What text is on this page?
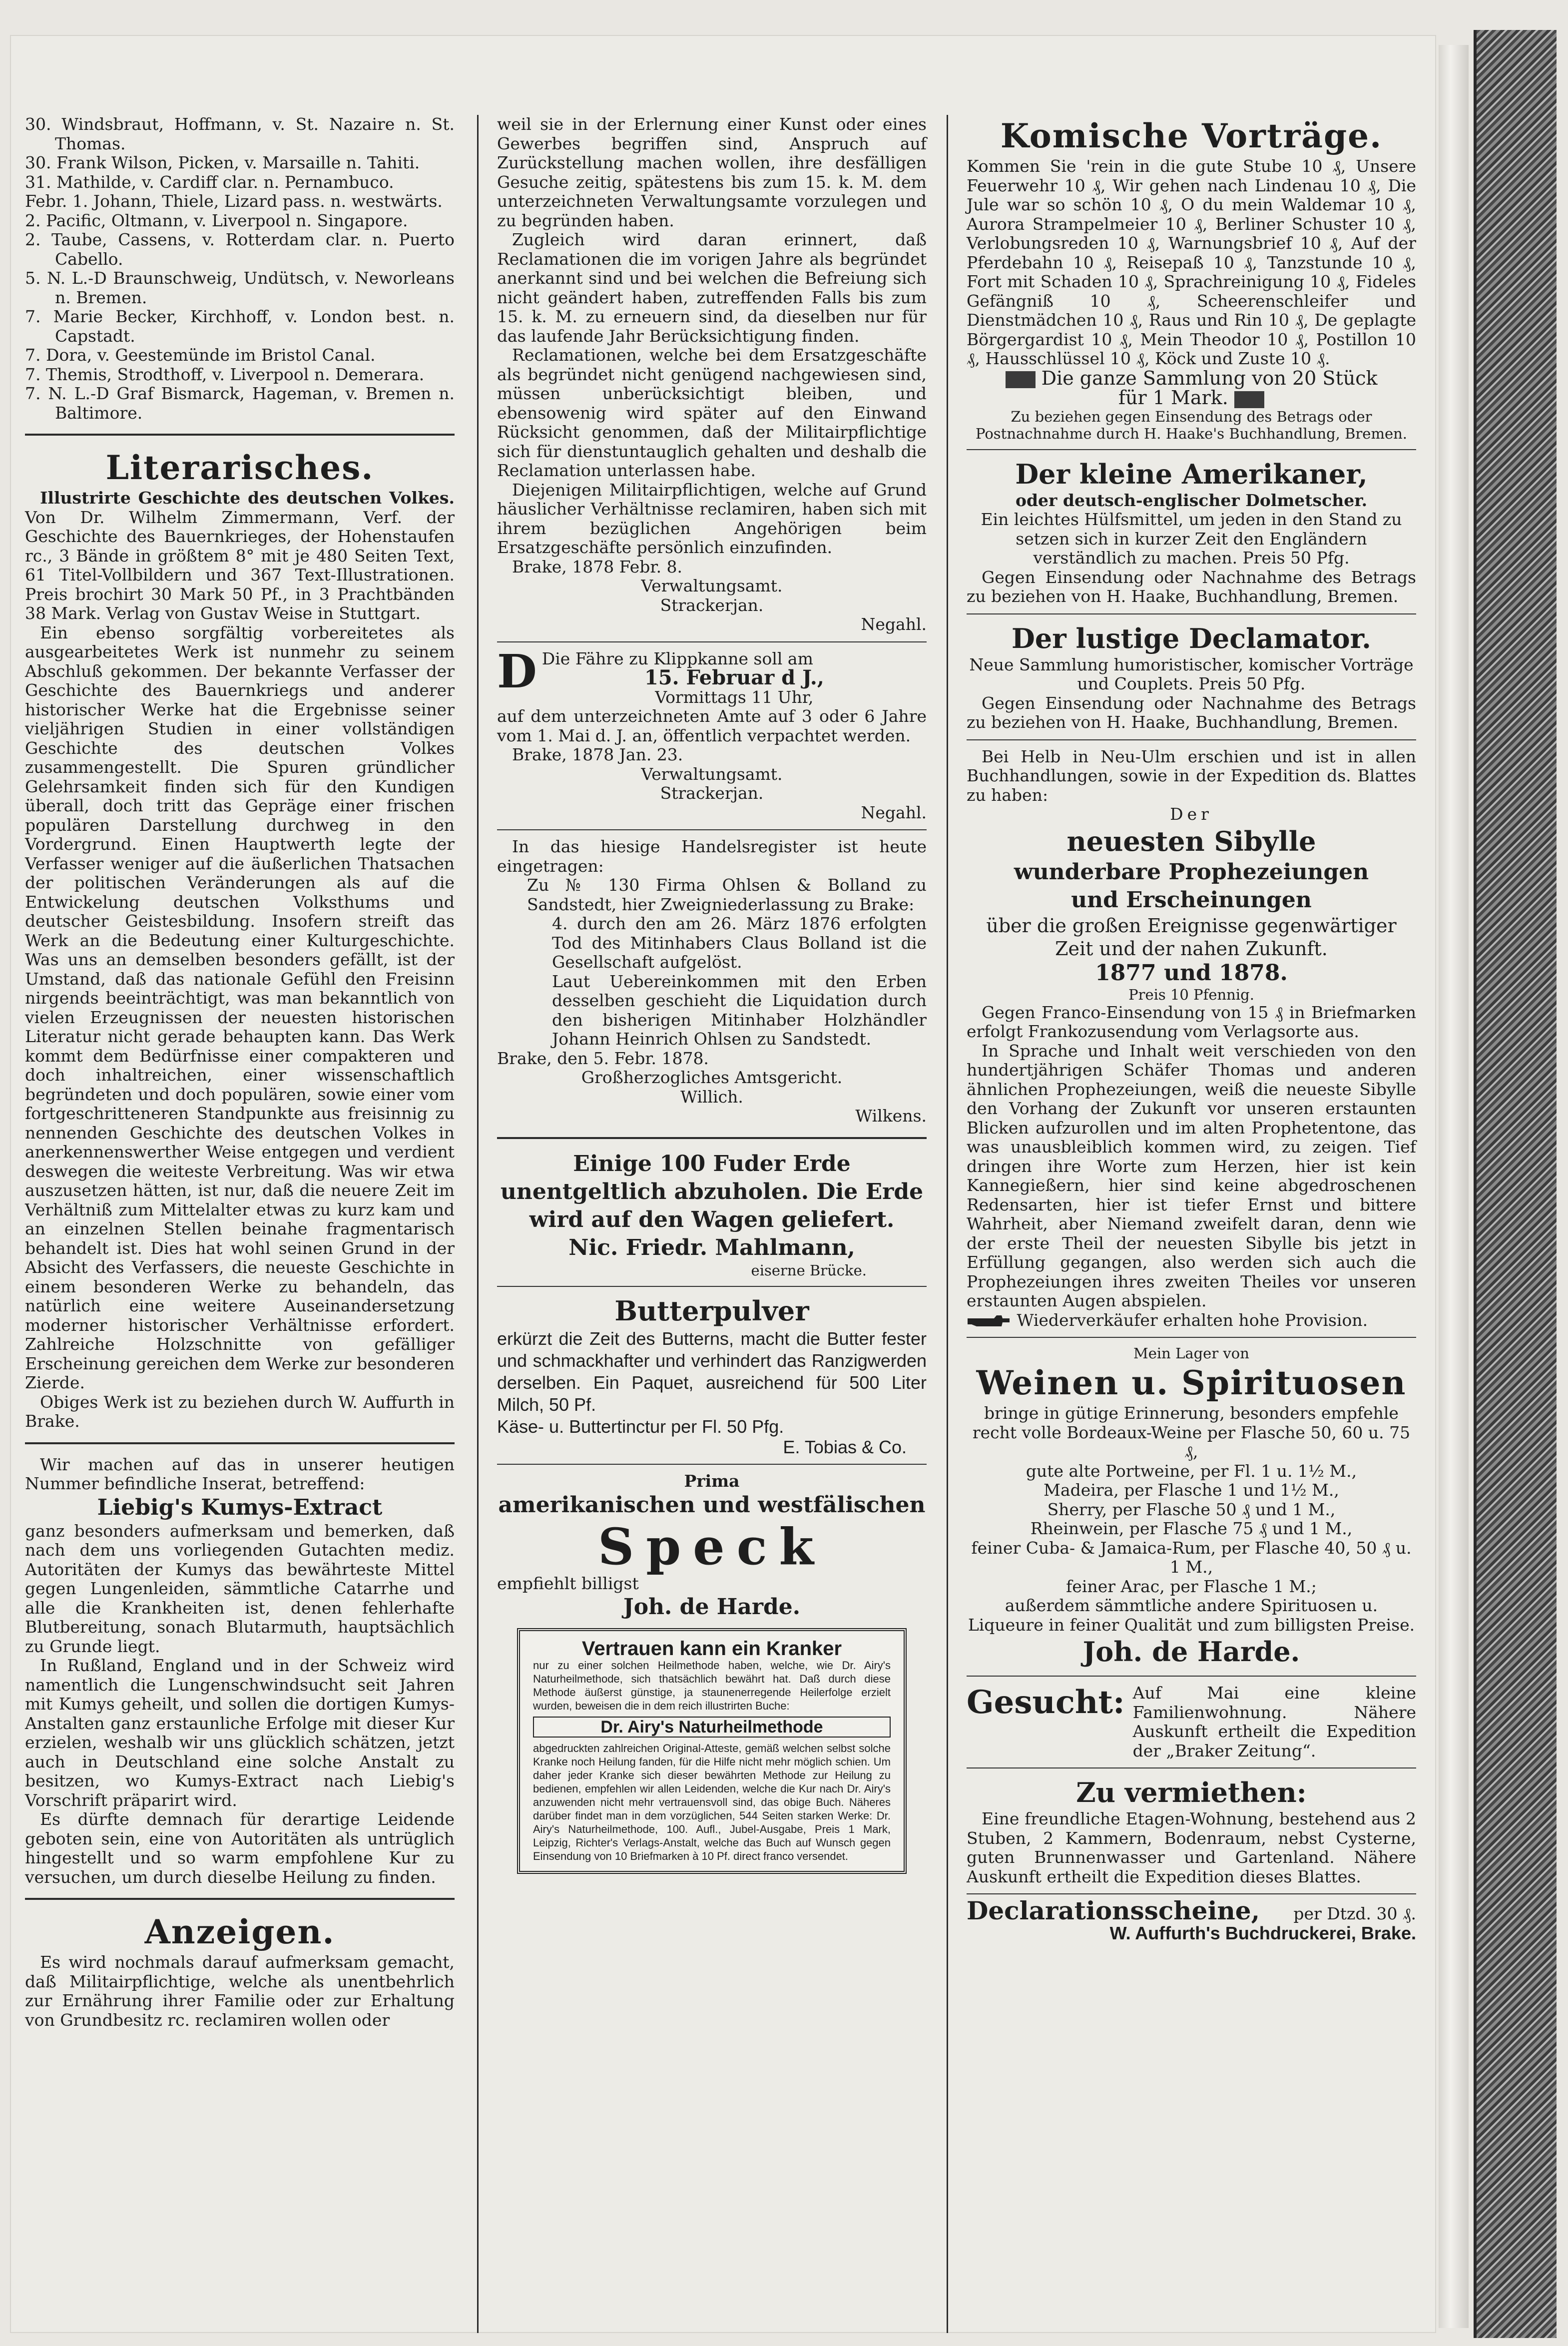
30. Windsbraut, Hoffmann, v. St. Nazaire n. St. Thomas.

30. Frank Wilson, Picken, v. Marsaille n. Tahiti.

31. Mathilde, v. Cardiff clar. n. Pernambuco.

Febr. 1. Johann, Thiele, Lizard pass. n. westwärts.

2. Pacific, Oltmann, v. Liverpool n. Singapore.

2. Taube, Cassens, v. Rotterdam clar. n. Puerto Cabello.

5. N. L.-D Braunschweig, Undütsch, v. Neworleans n. Bremen.

7. Marie Becker, Kirchhoff, v. London best. n. Capstadt.

7. Dora, v. Geestemünde im Bristol Canal.

7. Themis, Strodthoff, v. Liverpool n. Demerara.

7. N. L.-D Graf Bismarck, Hageman, v. Bremen n. Baltimore.

Literarisches.

Illustrirte Geschichte des deutschen Volkes. Von Dr. Wilhelm Zimmermann, Verf. der Geschichte des Bauernkrieges, der Hohenstaufen rc., 3 Bände in größtem 8° mit je 480 Seiten Text, 61 Titel-Vollbildern und 367 Text-Illustrationen. Preis brochirt 30 Mark 50 Pf., in 3 Prachtbänden 38 Mark. Verlag von Gustav Weise in Stuttgart.

Ein ebenso sorgfältig vorbereitetes als ausgearbeitetes Werk ist nunmehr zu seinem Abschluß gekommen. Der bekannte Verfasser der Geschichte des Bauernkriegs und anderer historischer Werke hat die Ergebnisse seiner vieljährigen Studien in einer vollständigen Geschichte des deutschen Volkes zusammengestellt. Die Spuren gründlicher Gelehrsamkeit finden sich für den Kundigen überall, doch tritt das Gepräge einer frischen populären Darstellung durchweg in den Vordergrund. Einen Hauptwerth legte der Verfasser weniger auf die äußerlichen Thatsachen der politischen Veränderungen als auf die Entwickelung deutschen Volksthums und deutscher Geistesbildung. Insofern streift das Werk an die Bedeutung einer Kulturgeschichte. Was uns an demselben besonders gefällt, ist der Umstand, daß das nationale Gefühl den Freisinn nirgends beeinträchtigt, was man bekanntlich von vielen Erzeugnissen der neuesten historischen Literatur nicht gerade behaupten kann. Das Werk kommt dem Bedürfnisse einer compakteren und doch inhaltreichen, einer wissenschaftlich begründeten und doch populären, sowie einer vom fortgeschritteneren Standpunkte aus freisinnig zu nennenden Geschichte des deutschen Volkes in anerkennenswerther Weise entgegen und verdient deswegen die weiteste Verbreitung. Was wir etwa auszusetzen hätten, ist nur, daß die neuere Zeit im Verhältniß zum Mittelalter etwas zu kurz kam und an einzelnen Stellen beinahe fragmentarisch behandelt ist. Dies hat wohl seinen Grund in der Absicht des Verfassers, die neueste Geschichte in einem besonderen Werke zu behandeln, das natürlich eine weitere Auseinandersetzung moderner historischer Verhältnisse erfordert. Zahlreiche Holzschnitte von gefälliger Erscheinung gereichen dem Werke zur besonderen Zierde.

Obiges Werk ist zu beziehen durch W. Auffurth in Brake.

Wir machen auf das in unserer heutigen Nummer befindliche Inserat, betreffend:

Liebig's Kumys-Extract

ganz besonders aufmerksam und bemerken, daß nach dem uns vorliegenden Gutachten mediz. Autoritäten der Kumys das bewährteste Mittel gegen Lungenleiden, sämmtliche Catarrhe und alle die Krankheiten ist, denen fehlerhafte Blutbereitung, sonach Blutarmuth, hauptsächlich zu Grunde liegt.

In Rußland, England und in der Schweiz wird namentlich die Lungenschwindsucht seit Jahren mit Kumys geheilt, und sollen die dortigen Kumys-Anstalten ganz erstaunliche Erfolge mit dieser Kur erzielen, weshalb wir uns glücklich schätzen, jetzt auch in Deutschland eine solche Anstalt zu besitzen, wo Kumys-Extract nach Liebig's Vorschrift präparirt wird.

Es dürfte demnach für derartige Leidende geboten sein, eine von Autoritäten als untrüglich hingestellt und so warm empfohlene Kur zu versuchen, um durch dieselbe Heilung zu finden.

Anzeigen.

Es wird nochmals darauf aufmerksam gemacht, daß Militairpflichtige, welche als unentbehrlich zur Ernährung ihrer Familie oder zur Erhaltung von Grundbesitz rc. reclamiren wollen oder

weil sie in der Erlernung einer Kunst oder eines Gewerbes begriffen sind, Anspruch auf Zurückstellung machen wollen, ihre desfälligen Gesuche zeitig, spätestens bis zum 15. k. M. dem unterzeichneten Verwaltungsamte vorzulegen und zu begründen haben.

Zugleich wird daran erinnert, daß Reclamationen die im vorigen Jahre als begründet anerkannt sind und bei welchen die Befreiung sich nicht geändert haben, zutreffenden Falls bis zum 15. k. M. zu erneuern sind, da dieselben nur für das laufende Jahr Berücksichtigung finden.

Reclamationen, welche bei dem Ersatzgeschäfte als begründet nicht genügend nachgewiesen sind, müssen unberücksichtigt bleiben, und ebensowenig wird später auf den Einwand Rücksicht genommen, daß der Militairpflichtige sich für dienstuntauglich gehalten und deshalb die Reclamation unterlassen habe.

Diejenigen Militairpflichtigen, welche auf Grund häuslicher Verhältnisse reclamiren, haben sich mit ihrem bezüglichen Angehörigen beim Ersatzgeschäfte persönlich einzufinden.

Brake, 1878 Febr. 8.

Verwaltungsamt.

Strackerjan.

Negahl.

D Die Fähre zu Klippkanne soll am

15. Februar d J.,

Vormittags 11 Uhr,

auf dem unterzeichneten Amte auf 3 oder 6 Jahre vom 1. Mai d. J. an, öffentlich verpachtet werden.

Brake, 1878 Jan. 23.

Verwaltungsamt.

Strackerjan.

Negahl.

In das hiesige Handelsregister ist heute eingetragen:

Zu № 130 Firma Ohlsen & Bolland zu Sandstedt, hier Zweigniederlassung zu Brake:

4. durch den am 26. März 1876 erfolgten Tod des Mitinhabers Claus Bolland ist die Gesellschaft aufgelöst.

Laut Uebereinkommen mit den Erben desselben geschieht die Liquidation durch den bisherigen Mitinhaber Holzhändler Johann Heinrich Ohlsen zu Sandstedt.

Brake, den 5. Febr. 1878.

Großherzogliches Amtsgericht.

Willich.

Wilkens.

Einige 100 Fuder Erde
unentgeltlich abzuholen. Die Erde
wird auf den Wagen geliefert.
Nic. Friedr. Mahlmann,

eiserne Brücke.

Butterpulver

erkürzt die Zeit des Butterns, macht die Butter fester und schmackhafter und verhindert das Ranzigwerden derselben. Ein Paquet, ausreichend für 500 Liter Milch, 50 Pf.

Käse- u. Buttertinctur per Fl. 50 Pfg.

E. Tobias & Co.

Prima

amerikanischen und westfälischen
Speck

empfiehlt billigst

Joh. de Harde.
Vertrauen kann ein Kranker
nur zu einer solchen Heilmethode haben, welche, wie Dr. Airy's Naturheilmethode, sich thatsächlich bewährt hat. Daß durch diese Methode äußerst günstige, ja staunenerregende Heilerfolge erzielt wurden, beweisen die in dem reich illustrirten Buche:
Dr. Airy's Naturheilmethode
abgedruckten zahlreichen Original-Atteste, gemäß welchen selbst solche Kranke noch Heilung fanden, für die Hilfe nicht mehr möglich schien. Um daher jeder Kranke sich dieser bewährten Methode zur Heilung zu bedienen, empfehlen wir allen Leidenden, welche die Kur nach Dr. Airy's anzuwenden nicht mehr vertrauensvoll sind, das obige Buch. Näheres darüber findet man in dem vorzüglichen, 544 Seiten starken Werke: Dr. Airy's Naturheilmethode, 100. Aufl., Jubel-Ausgabe, Preis 1 Mark, Leipzig, Richter's Verlags-Anstalt, welche das Buch auf Wunsch gegen Einsendung von 10 Briefmarken à 10 Pf. direct franco versendet.
Komische Vorträge.

Kommen Sie 'rein in die gute Stube 10 ₰, Unsere Feuerwehr 10 ₰, Wir gehen nach Lindenau 10 ₰, Die Jule war so schön 10 ₰, O du mein Waldemar 10 ₰, Aurora Strampelmeier 10 ₰, Berliner Schuster 10 ₰, Verlobungsreden 10 ₰, Warnungsbrief 10 ₰, Auf der Pferdebahn 10 ₰, Reisepaß 10 ₰, Tanzstunde 10 ₰, Fort mit Schaden 10 ₰, Sprachreinigung 10 ₰, Fideles Gefängniß 10 ₰, Scheerenschleifer und Dienstmädchen 10 ₰, Raus und Rin 10 ₰, De geplagte Börgergardist 10 ₰, Mein Theodor 10 ₰, Postillon 10 ₰, Hausschlüssel 10 ₰, Köck und Zuste 10 ₰.

Die ganze Sammlung von 20 Stück

für 1 Mark.

Zu beziehen gegen Einsendung des Betrags oder Postnachnahme durch H. Haake's Buchhandlung, Bremen.

Der kleine Amerikaner,

oder deutsch-englischer Dolmetscher.

Ein leichtes Hülfsmittel, um jeden in den Stand zu setzen sich in kurzer Zeit den Engländern verständlich zu machen. Preis 50 Pfg.

Gegen Einsendung oder Nachnahme des Betrags zu beziehen von H. Haake, Buchhandlung, Bremen.

Der lustige Declamator.

Neue Sammlung humoristischer, komischer Vorträge und Couplets. Preis 50 Pfg.

Gegen Einsendung oder Nachnahme des Betrags zu beziehen von H. Haake, Buchhandlung, Bremen.

Bei Helb in Neu-Ulm erschien und ist in allen Buchhandlungen, sowie in der Expedition ds. Blattes zu haben:

Der

neuesten Sibylle
wunderbare Prophezeiungen
und Erscheinungen

über die großen Ereignisse gegenwärtiger

Zeit und der nahen Zukunft.

1877 und 1878.

Preis 10 Pfennig.

Gegen Franco-Einsendung von 15 ₰ in Briefmarken erfolgt Frankozusendung vom Verlagsorte aus.

In Sprache und Inhalt weit verschieden von den hundertjährigen Schäfer Thomas und anderen ähnlichen Prophezeiungen, weiß die neueste Sibylle den Vorhang der Zukunft vor unseren erstaunten Blicken aufzurollen und im alten Prophetentone, das was unausbleiblich kommen wird, zu zeigen. Tief dringen ihre Worte zum Herzen, hier ist kein Kannegießern, hier sind keine abgedroschenen Redensarten, hier ist tiefer Ernst und bittere Wahrheit, aber Niemand zweifelt daran, denn wie der erste Theil der neuesten Sibylle bis jetzt in Erfüllung gegangen, also werden sich auch die Prophezeiungen ihres zweiten Theiles vor unseren erstaunten Augen abspielen.

Wiederverkäufer erhalten hohe Provision.

Mein Lager von

Weinen u. Spirituosen

bringe in gütige Erinnerung, besonders empfehle recht volle Bordeaux-Weine per Flasche 50, 60 u. 75 ₰,

gute alte Portweine, per Fl. 1 u. 1½ M.,

Madeira, per Flasche 1 und 1½ M.,

Sherry, per Flasche 50 ₰ und 1 M.,

Rheinwein, per Flasche 75 ₰ und 1 M.,

feiner Cuba- & Jamaica-Rum, per Flasche 40, 50 ₰ u. 1 M.,

feiner Arac, per Flasche 1 M.;

außerdem sämmtliche andere Spirituosen u. Liqueure in feiner Qualität und zum billigsten Preise.

Joh. de Harde.
Gesucht: Auf Mai eine kleine Familienwohnung. Nähere Auskunft ertheilt die Expedition der „Braker Zeitung“.

Zu vermiethen:

Eine freundliche Etagen-Wohnung, bestehend aus 2 Stuben, 2 Kammern, Bodenraum, nebst Cysterne, guten Brunnenwasser und Gartenland. Nähere Auskunft ertheilt die Expedition dieses Blattes.

Declarationsscheine, per Dtzd. 30 ₰.

W. Auffurth's Buchdruckerei, Brake.
